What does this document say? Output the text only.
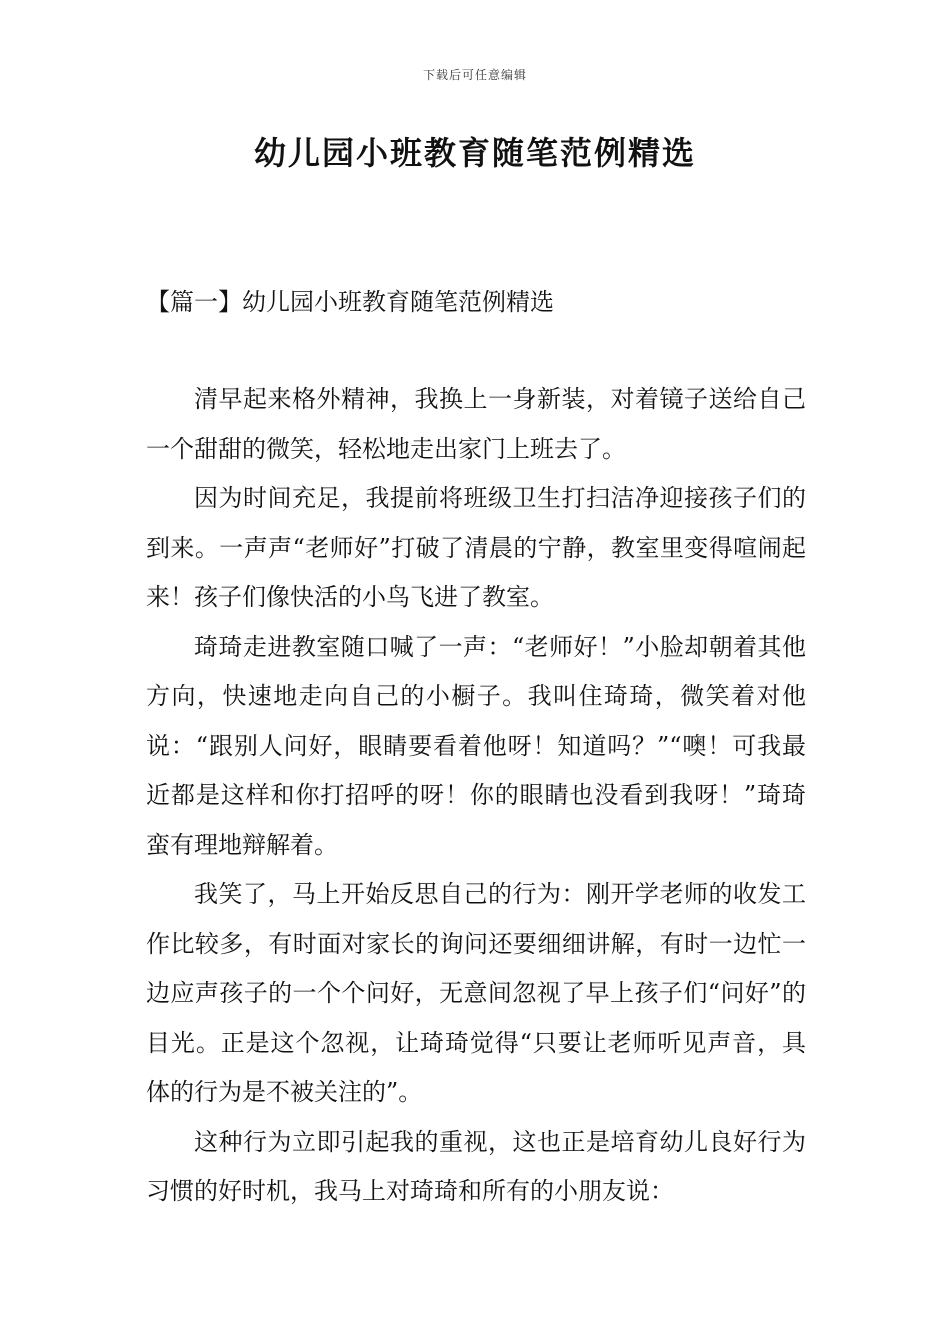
下载后可任意编辑
幼儿园小班教育随笔范例精选
【篇一】幼儿园小班教育随笔范例精选

清早起来格外精神，我换上一身新装，对着镜子送给自己一个甜甜的微笑，轻松地走出家门上班去了。

因为时间充足，我提前将班级卫生打扫洁净迎接孩子们的到来。一声声“老师好”打破了清晨的宁静，教室里变得喧闹起来！孩子们像快活的小鸟飞进了教室。

琦琦走进教室随口喊了一声：“老师好！”小脸却朝着其他方向，快速地走向自己的小橱子。我叫住琦琦，微笑着对他说：“跟别人问好，眼睛要看着他呀！知道吗？”“噢！可我最近都是这样和你打招呼的呀！你的眼睛也没看到我呀！”琦琦蛮有理地辩解着。

我笑了，马上开始反思自己的行为：刚开学老师的收发工作比较多，有时面对家长的询问还要细细讲解，有时一边忙一边应声孩子的一个个问好，无意间忽视了早上孩子们“问好”的目光。正是这个忽视，让琦琦觉得“只要让老师听见声音，具体的行为是不被关注的”。

这种行为立即引起我的重视，这也正是培育幼儿良好行为习惯的好时机，我马上对琦琦和所有的小朋友说：
